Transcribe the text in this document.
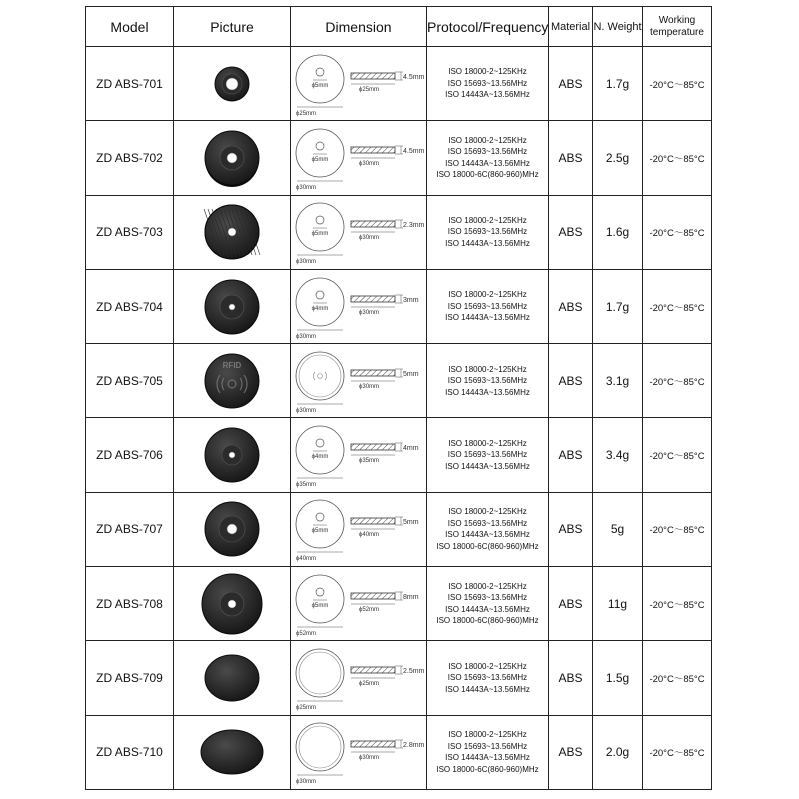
Model	Picture	Dimension	Protocol/Frequency	Material	N. Weight	Working
temperature

ZD ABS-701		ϕ5mm
ϕ25mm
4.5mm
ϕ25mm	ISO 18000-2~125KHz
ISO 15693~13.56MHz
ISO 14443A~13.56MHz	ABS	1.7g	-20°C～85°C
ZD ABS-702		ϕ5mm
ϕ30mm
4.5mm
ϕ30mm	ISO 18000-2~125KHz
ISO 15693~13.56MHz
ISO 14443A~13.56MHz
ISO 18000-6C(860-960)MHz	ABS	2.5g	-20°C～85°C
ZD ABS-703		ϕ5mm
ϕ30mm
2.3mm
ϕ30mm	ISO 18000-2~125KHz
ISO 15693~13.56MHz
ISO 14443A~13.56MHz	ABS	1.6g	-20°C～85°C
ZD ABS-704		ϕ4mm
ϕ30mm
3mm
ϕ30mm	ISO 18000-2~125KHz
ISO 15693~13.56MHz
ISO 14443A~13.56MHz	ABS	1.7g	-20°C～85°C
ZD ABS-705	RFID	ϕ30mm
5mm
ϕ30mm	ISO 18000-2~125KHz
ISO 15693~13.56MHz
ISO 14443A~13.56MHz	ABS	3.1g	-20°C～85°C
ZD ABS-706		ϕ4mm
ϕ35mm
4mm
ϕ35mm	ISO 18000-2~125KHz
ISO 15693~13.56MHz
ISO 14443A~13.56MHz	ABS	3.4g	-20°C～85°C
ZD ABS-707		ϕ5mm
ϕ40mm
5mm
ϕ40mm	ISO 18000-2~125KHz
ISO 15693~13.56MHz
ISO 14443A~13.56MHz
ISO 18000-6C(860-960)MHz	ABS	5g	-20°C～85°C
ZD ABS-708		ϕ5mm
ϕ52mm
8mm
ϕ52mm	ISO 18000-2~125KHz
ISO 15693~13.56MHz
ISO 14443A~13.56MHz
ISO 18000-6C(860-960)MHz	ABS	11g	-20°C～85°C
ZD ABS-709		ϕ25mm
2.5mm
ϕ25mm	ISO 18000-2~125KHz
ISO 15693~13.56MHz
ISO 14443A~13.56MHz	ABS	1.5g	-20°C～85°C
ZD ABS-710		ϕ30mm
2.8mm
ϕ30mm	ISO 18000-2~125KHz
ISO 15693~13.56MHz
ISO 14443A~13.56MHz
ISO 18000-6C(860-960)MHz	ABS	2.0g	-20°C～85°C
